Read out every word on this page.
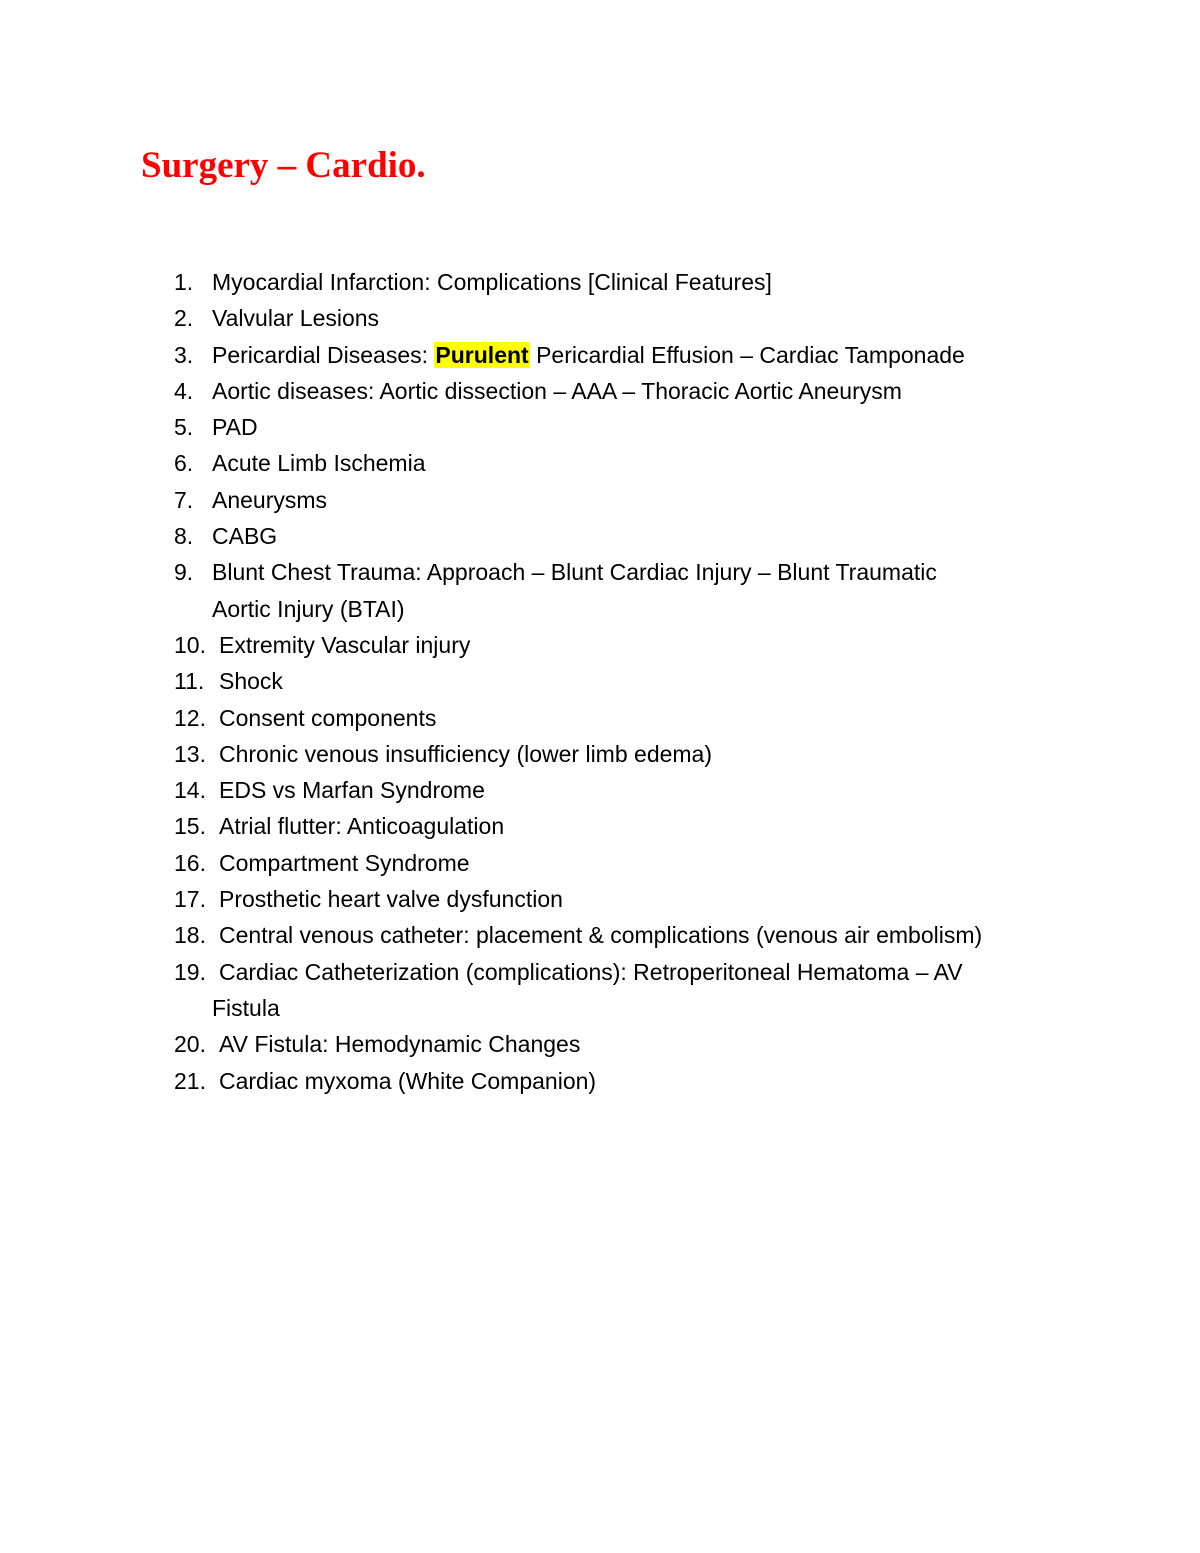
Surgery – Cardio.
1. Myocardial Infarction: Complications [Clinical Features]
2. Valvular Lesions
3. Pericardial Diseases: Purulent Pericardial Effusion – Cardiac Tamponade
4. Aortic diseases: Aortic dissection – AAA – Thoracic Aortic Aneurysm
5. PAD
6. Acute Limb Ischemia
7. Aneurysms
8. CABG
9. Blunt Chest Trauma: Approach – Blunt Cardiac Injury – Blunt Traumatic
Aortic Injury (BTAI)
10. Extremity Vascular injury
11. Shock
12. Consent components
13. Chronic venous insufficiency (lower limb edema)
14. EDS vs Marfan Syndrome
15. Atrial flutter: Anticoagulation
16. Compartment Syndrome
17. Prosthetic heart valve dysfunction
18. Central venous catheter: placement & complications (venous air embolism)
19. Cardiac Catheterization (complications): Retroperitoneal Hematoma – AV
Fistula
20. AV Fistula: Hemodynamic Changes
21. Cardiac myxoma (White Companion)
